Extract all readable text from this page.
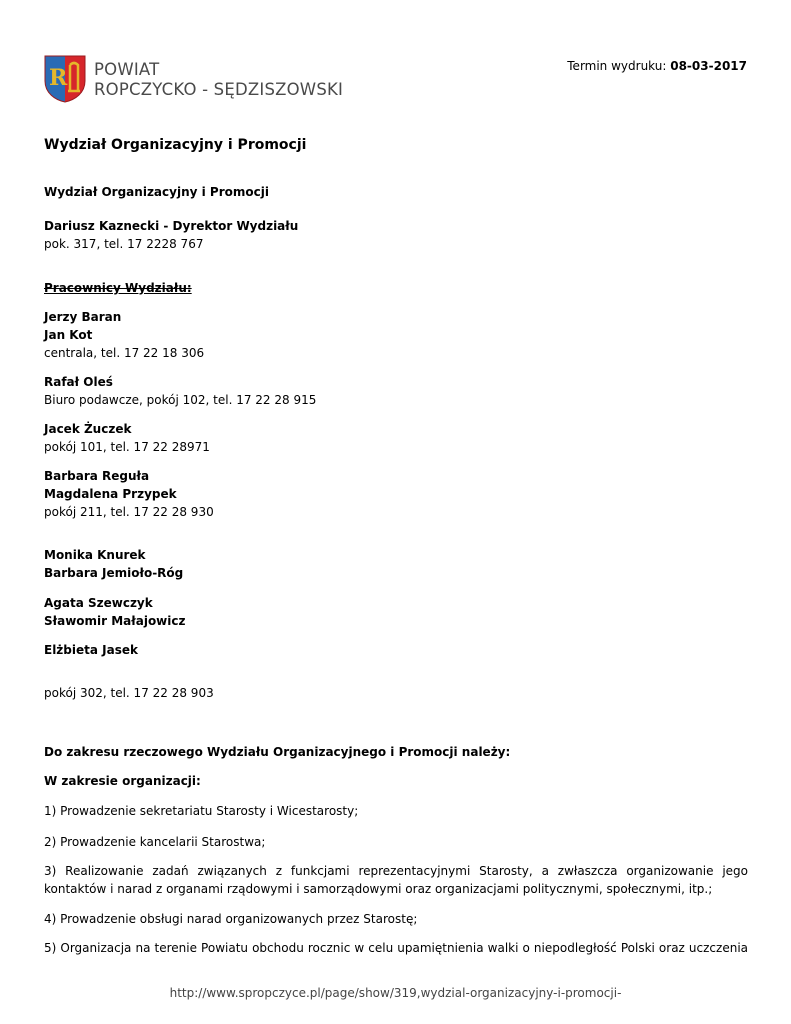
R POWIAT
ROPCZYCKO - SĘDZISZOWSKI
Termin wydruku: 08-03-2017
Wydział Organizacyjny i Promocji
Wydział Organizacyjny i Promocji
Dariusz Kaznecki - Dyrektor Wydziału
pok. 317, tel. 17 2228 767
Pracownicy Wydziału:
Jerzy Baran
Jan Kot
centrala, tel. 17 22 18 306
Rafał Oleś
Biuro podawcze, pokój 102, tel. 17 22 28 915
Jacek Żuczek
pokój 101, tel. 17 22 28971
Barbara Reguła
Magdalena Przypek
pokój 211, tel. 17 22 28 930
Monika Knurek
Barbara Jemioło-Róg
Agata Szewczyk
Sławomir Małajowicz
Elżbieta Jasek
pokój 302, tel. 17 22 28 903
Do zakresu rzeczowego Wydziału Organizacyjnego i Promocji należy:
W zakresie organizacji:
1) Prowadzenie sekretariatu Starosty i Wicestarosty;
2) Prowadzenie kancelarii Starostwa;
3) Realizowanie zadań związanych z funkcjami reprezentacyjnymi Starosty, a zwłaszcza organizowanie jego kontaktów i narad z organami rządowymi i samorządowymi oraz organizacjami politycznymi, społecznymi, itp.;
4) Prowadzenie obsługi narad organizowanych przez Starostę;
5) Organizacja na terenie Powiatu obchodu rocznic w celu upamiętnienia walki o niepodległość Polski oraz uczczenia
http://www.spropczyce.pl/page/show/319,wydzial-organizacyjny-i-promocji-
